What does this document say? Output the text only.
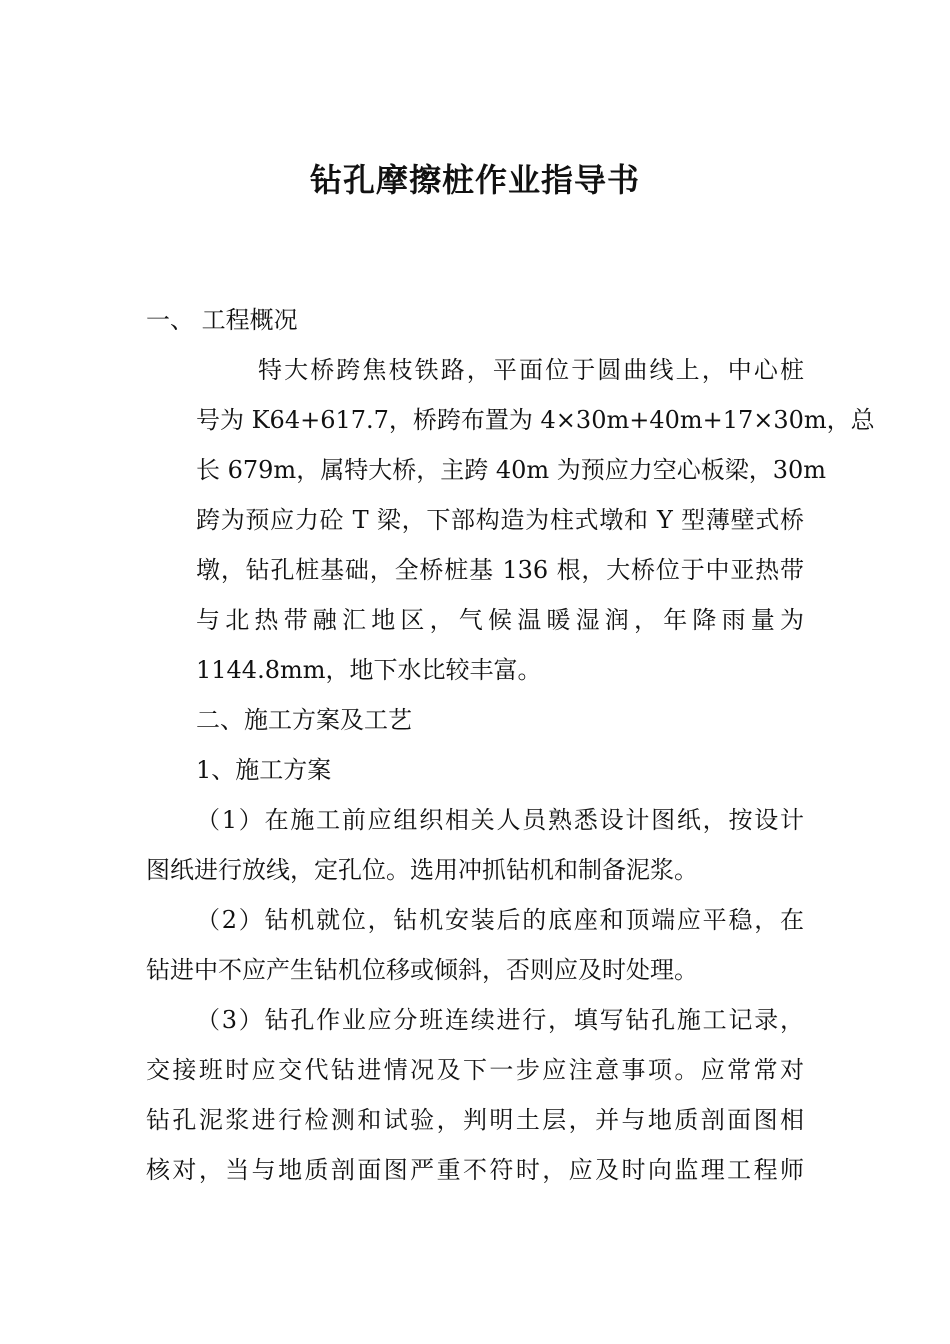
钻孔摩擦桩作业指导书
一、 工程概况
特大桥跨焦枝铁路，平面位于圆曲线上，中心桩
号为 K64+617.7，桥跨布置为 4×30m+40m+17×30m，总
长 679m，属特大桥，主跨 40m 为预应力空心板梁，30m
跨为预应力砼 T 梁，下部构造为柱式墩和 Y 型薄壁式桥
墩，钻孔桩基础，全桥桩基 136 根，大桥位于中亚热带
与北热带融汇地区，气候温暖湿润，年降雨量为
1144.8mm，地下水比较丰富。
二、施工方案及工艺
1、施工方案
（1）在施工前应组织相关人员熟悉设计图纸，按设计
图纸进行放线，定孔位。选用冲抓钻机和制备泥浆。
（2）钻机就位，钻机安装后的底座和顶端应平稳，在
钻进中不应产生钻机位移或倾斜，否则应及时处理。
（3）钻孔作业应分班连续进行，填写钻孔施工记录，
交接班时应交代钻进情况及下一步应注意事项。应常常对
钻孔泥浆进行检测和试验，判明土层，并与地质剖面图相
核对，当与地质剖面图严重不符时，应及时向监理工程师
